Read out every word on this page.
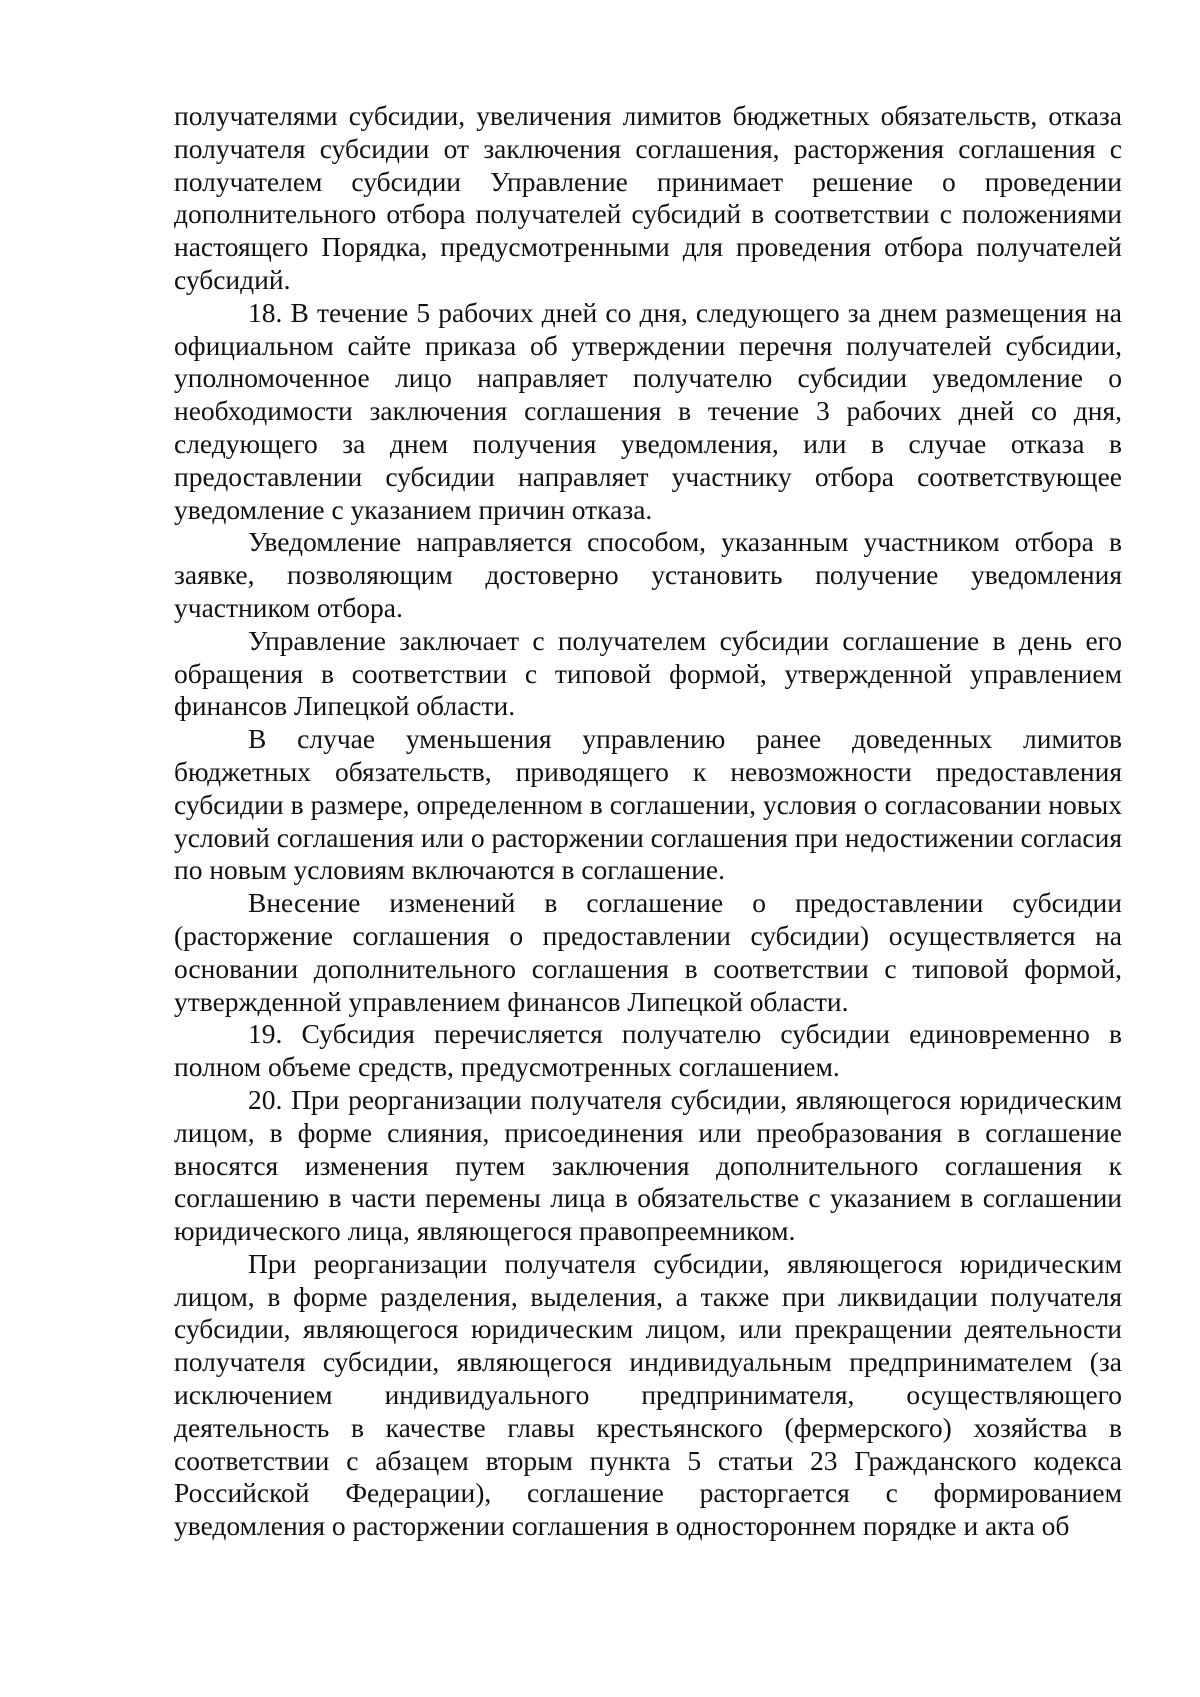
получателями субсидии, увеличения лимитов бюджетных обязательств, отказа получателя субсидии от заключения соглашения, расторжения соглашения с получателем субсидии Управление принимает решение о проведении дополнительного отбора получателей субсидий в соответствии с положениями настоящего Порядка, предусмотренными для проведения отбора получателей субсидий.

18. В течение 5 рабочих дней со дня, следующего за днем размещения на официальном сайте приказа об утверждении перечня получателей субсидии, уполномоченное лицо направляет получателю субсидии уведомление о необходимости заключения соглашения в течение 3 рабочих дней со дня, следующего за днем получения уведомления, или в случае отказа в предоставлении субсидии направляет участнику отбора соответствующее уведомление с указанием причин отказа.

Уведомление направляется способом, указанным участником отбора в заявке, позволяющим достоверно установить получение уведомления участником отбора.

Управление заключает с получателем субсидии соглашение в день его обращения в соответствии с типовой формой, утвержденной управлением финансов Липецкой области.

В случае уменьшения управлению ранее доведенных лимитов бюджетных обязательств, приводящего к невозможности предоставления субсидии в размере, определенном в соглашении, условия о согласовании новых условий соглашения или о расторжении соглашения при недостижении согласия по новым условиям включаются в соглашение.

Внесение изменений в соглашение о предоставлении субсидии (расторжение соглашения о предоставлении субсидии) осуществляется на основании дополнительного соглашения в соответствии с типовой формой, утвержденной управлением финансов Липецкой области.

19. Субсидия перечисляется получателю субсидии единовременно в полном объеме средств, предусмотренных соглашением.

20. При реорганизации получателя субсидии, являющегося юридическим лицом, в форме слияния, присоединения или преобразования в соглашение вносятся изменения путем заключения дополнительного соглашения к соглашению в части перемены лица в обязательстве с указанием в соглашении юридического лица, являющегося правопреемником.

При реорганизации получателя субсидии, являющегося юридическим лицом, в форме разделения, выделения, а также при ликвидации получателя субсидии, являющегося юридическим лицом, или прекращении деятельности получателя субсидии, являющегося индивидуальным предпринимателем (за исключением индивидуального предпринимателя, осуществляющего деятельность в качестве главы крестьянского (фермерского) хозяйства в соответствии с абзацем вторым пункта 5 статьи 23 Гражданского кодекса Российской Федерации), соглашение расторгается с формированием уведомления о расторжении соглашения в одностороннем порядке и акта об
